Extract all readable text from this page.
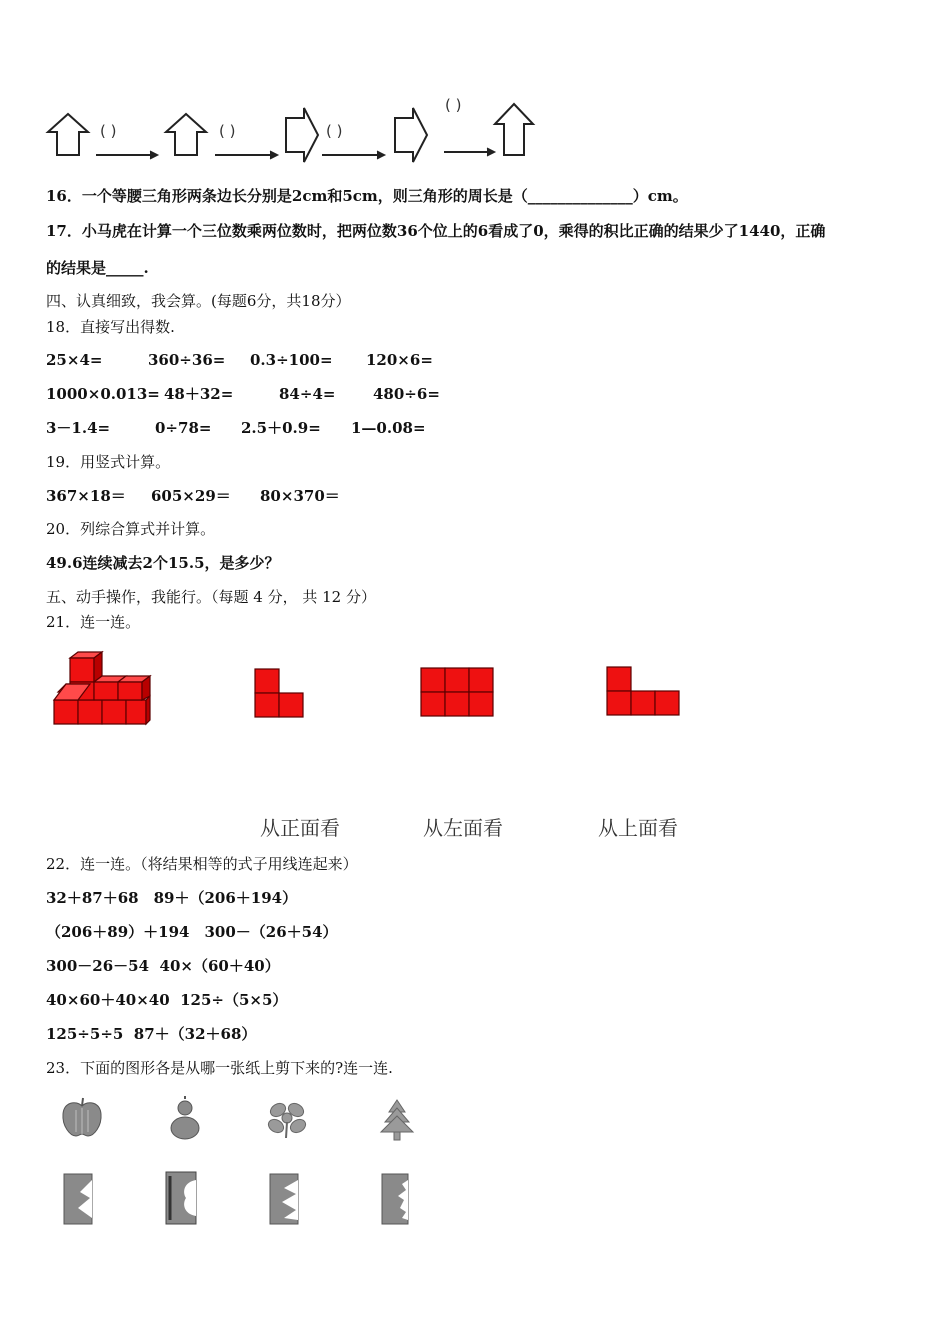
( )	( )	( )
( )
16．一个等腰三角形两条边长分别是2cm和5cm，则三角形的周长是（______________）cm。
17．小马虎在计算一个三位数乘两位数时，把两位数36个位上的6看成了0，乘得的积比正确的结果少了1440，正确
的结果是_____.
四、认真细致，我会算。(每题6分，共18分）
18．直接写出得数.
25×4=	360÷36= 0.3÷100= 120×6=
1000×0.013= 48＋32=	84÷4=	480÷6=
3－1.4=	0÷78= 2.5＋0.9= 1—0.08=
19．用竖式计算。
367×18＝ 605×29＝ 80×370＝
20．列综合算式并计算。
49.6连续减去2个15.5，是多少？
五、动手操作，我能行。（每题 4 分， 共 12 分）
21．连一连。
从正面看	从左面看	从上面看
22．连一连。（将结果相等的式子用线连起来）
32＋87＋68　89＋（206＋194）
（206＋89）＋194　300－（26＋54）
300－26－54  40×（60＋40）
40×60＋40×40  125÷（5×5）
125÷5÷5  87＋（32＋68）
23．下面的图形各是从哪一张纸上剪下来的?连一连.
